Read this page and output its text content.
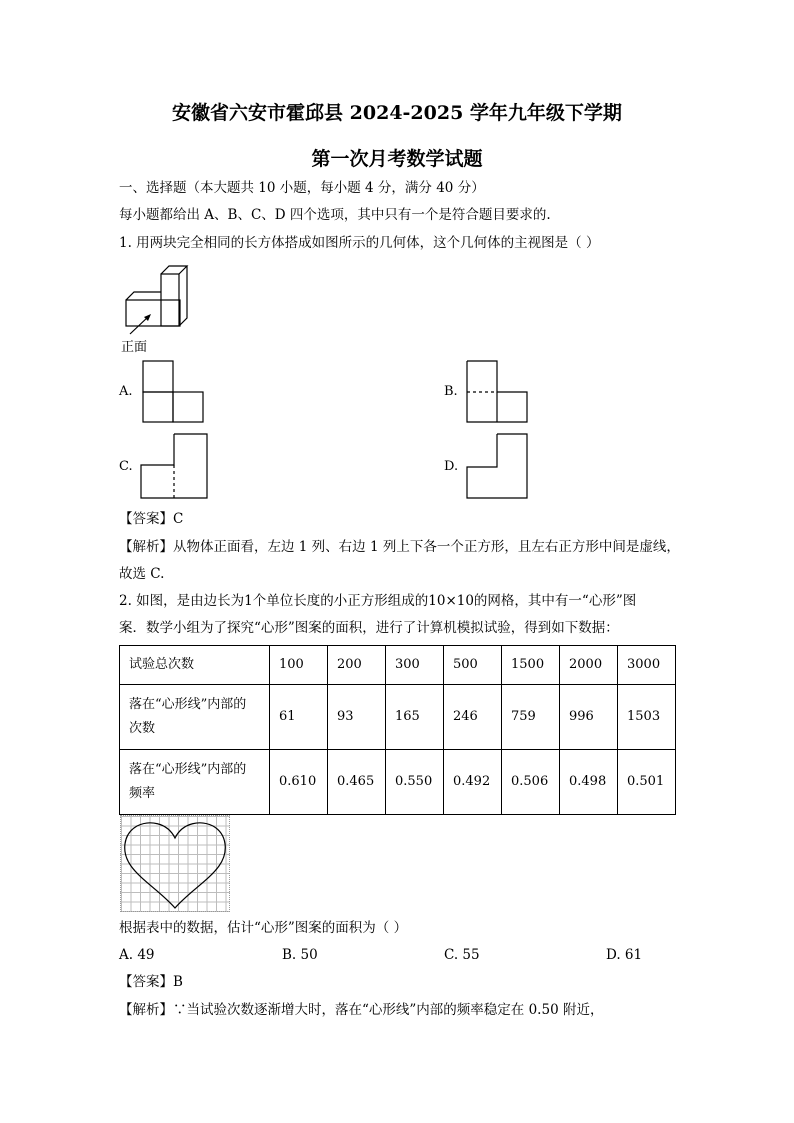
安徽省六安市霍邱县 2024-2025 学年九年级下学期
第一次月考数学试题
一、选择题（本大题共 10 小题，每小题 4 分，满分 40 分）
每小题都给出 A、B、C、D 四个选项，其中只有一个是符合题目要求的.
1. 用两块完全相同的长方体搭成如图所示的几何体，这个几何体的主视图是（ ）
正面
A.	B.
C.	D.
【答案】C
【解析】从物体正面看，左边 1 列、右边 1 列上下各一个正方形，且左右正方形中间是虚线，
故选 C.
2. 如图，是由边长为1个单位长度的小正方形组成的10×10的网格，其中有一“心形”图
案．数学小组为了探究“心形”图案的面积，进行了计算机模拟试验，得到如下数据：
试验总次数	100	200	300	500	1500	2000	3000
落在“心形线”内部的
次数	61	93	165	246	759	996	1503
落在“心形线”内部的
频率	0.610	0.465	0.550	0.492	0.506	0.498	0.501
根据表中的数据，估计“心形”图案的面积为（ ）
A. 49	B. 50	C. 55	D. 61
【答案】B
【解析】∵当试验次数逐渐增大时，落在“心形线”内部的频率稳定在 0.50 附近，
